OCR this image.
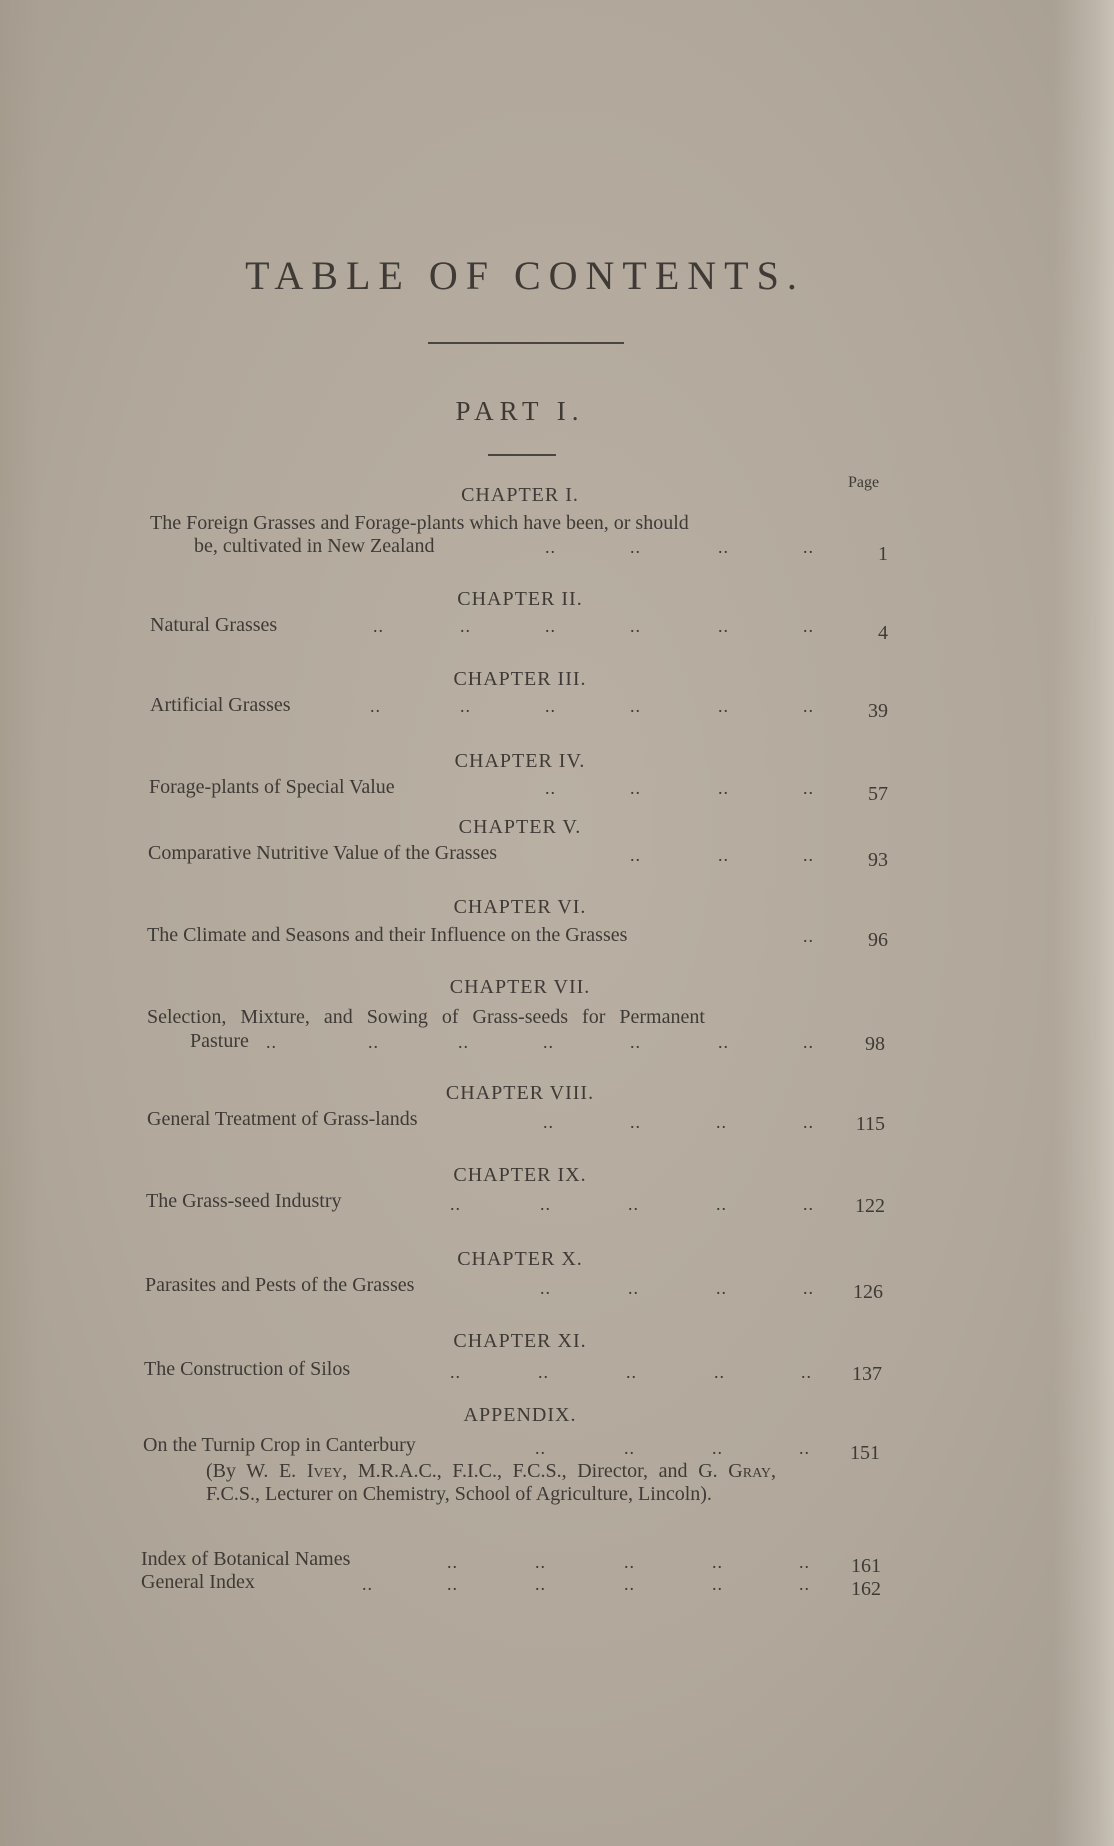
TABLE OF CONTENTS.
PART I.
Page
CHAPTER I.
The Foreign Grasses and Forage-plants which have been, or should
be, cultivated in New Zealand	..	..	..	..	1
CHAPTER II.
Natural Grasses	..	..	..	..	..	..	4
CHAPTER III.
Artificial Grasses	..	..	..	..	..	..	39
CHAPTER IV.
Forage-plants of Special Value	..	..	..	..	57
CHAPTER V.
Comparative Nutritive Value of the Grasses	..	..	..	93
CHAPTER VI.
The Climate and Seasons and their Influence on the Grasses	..	96
CHAPTER VII.
Selection, Mixture, and Sowing of Grass-seeds for Permanent
Pasture ..	..	..	..	..	..	..	98
CHAPTER VIII.
General Treatment of Grass-lands	..	..	..	..	115
CHAPTER IX.
The Grass-seed Industry	..	..	..	..	..	122
CHAPTER X.
Parasites and Pests of the Grasses	..	..	..	..	126
CHAPTER XI.
The Construction of Silos	..	..	..	..	..	137
APPENDIX.
On the Turnip Crop in Canterbury	..	..	..	..	151
(By W. E. Ivey, M.R.A.C., F.I.C., F.C.S., Director, and G. Gray, F.C.S., Lecturer on Chemistry, School of Agriculture, Lincoln).
Index of Botanical Names	..	..	..	..	..	161
General Index	..	..	..	..	..	..	162
